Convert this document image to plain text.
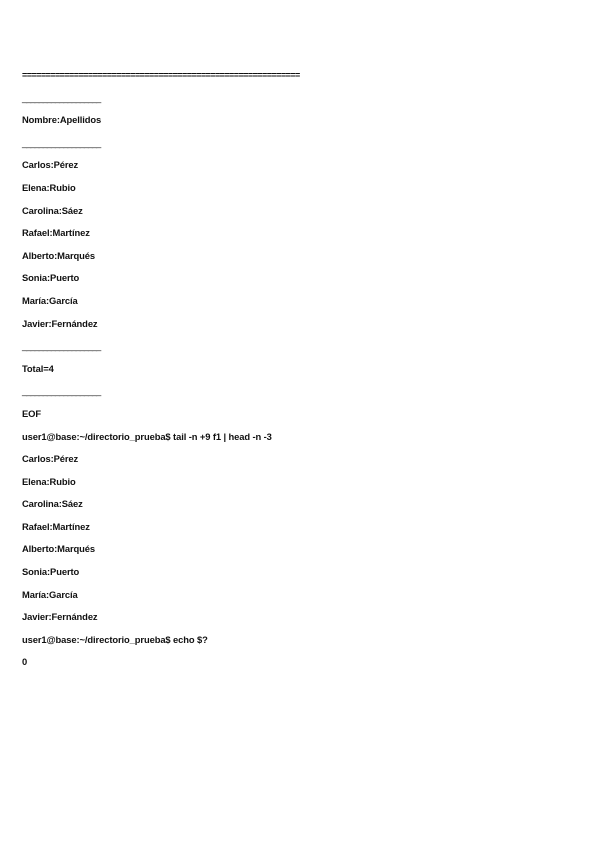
===========================================================
___________________
Nombre:Apellidos
___________________
Carlos:Pérez
Elena:Rubio
Carolina:Sáez
Rafael:Martínez
Alberto:Marqués
Sonia:Puerto
María:García
Javier:Fernández
___________________
Total=4
___________________
EOF
user1@base:~/directorio_prueba$ tail -n +9 f1 | head -n -3
Carlos:Pérez
Elena:Rubio
Carolina:Sáez
Rafael:Martínez
Alberto:Marqués
Sonia:Puerto
María:García
Javier:Fernández
user1@base:~/directorio_prueba$ echo $?
0
